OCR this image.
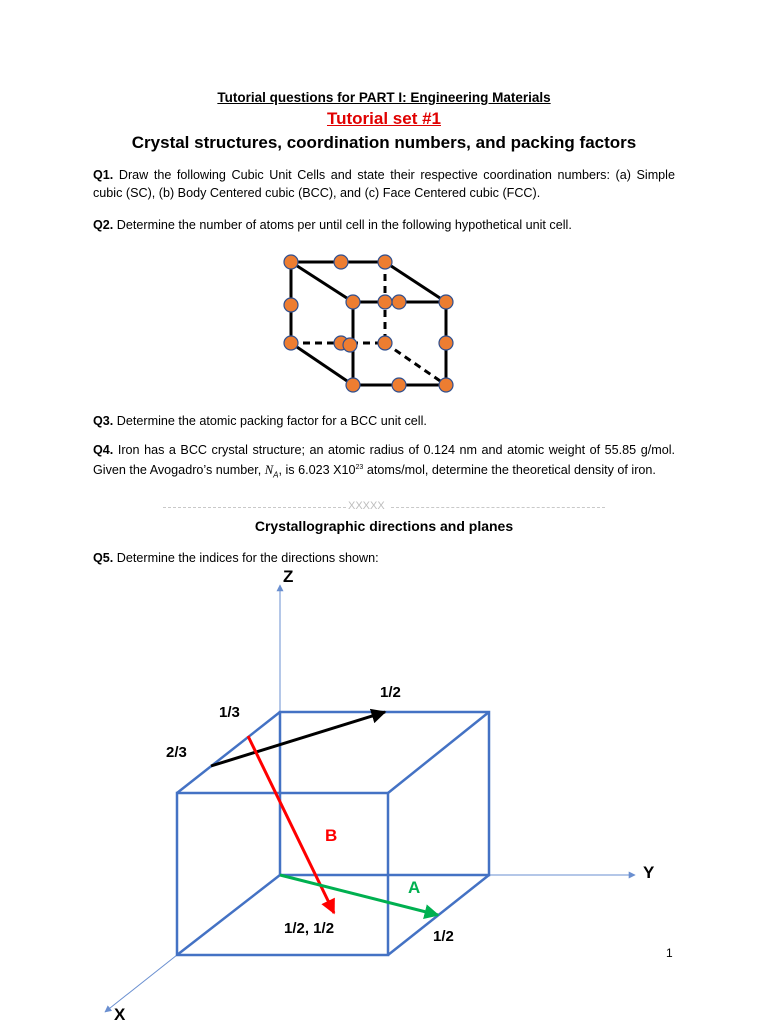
Tutorial questions for PART I: Engineering Materials
Tutorial set #1
Crystal structures, coordination numbers, and packing factors
Q1. Draw the following Cubic Unit Cells and state their respective coordination numbers: (a) Simple cubic (SC), (b) Body Centered cubic (BCC), and (c) Face Centered cubic (FCC).
Q2. Determine the number of atoms per until cell in the following hypothetical unit cell.
Q3. Determine the atomic packing factor for a BCC unit cell.
Q4. Iron has a BCC crystal structure; an atomic radius of 0.124 nm and atomic weight of 55.85 g/mol. Given the Avogadro’s number, $N_A$, is 6.023 $X10^{23}$ atoms/mol, determine the theoretical density of iron.
XXXXX
Crystallographic directions and planes
Q5. Determine the indices for the directions shown:
Z
Y
X
1/3
2/3
1/2
B
A
1/2, 1/2	1/2
1
